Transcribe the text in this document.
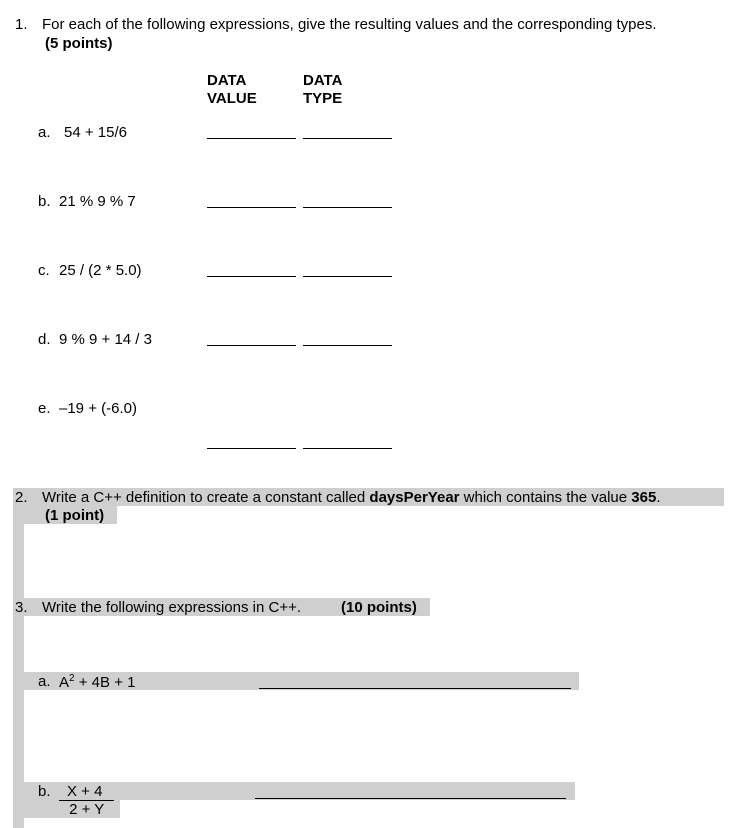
1. For each of the following expressions, give the resulting values and the corresponding types.
(5 points)
DATA
VALUE
DATA
TYPE
a. 54 + 15/6
b. 21 % 9 % 7
c. 25 / (2 * 5.0)
d. 9 % 9 + 14 / 3
e. –19 + (-6.0)
2. Write a C++ definition to create a constant called daysPerYear which contains the value 365.
(1 point)
3. Write the following expressions in C++.	(10 points)
a. $A^2 + 4B + 1$
b. $\frac{X + 4}{2 + Y}$
